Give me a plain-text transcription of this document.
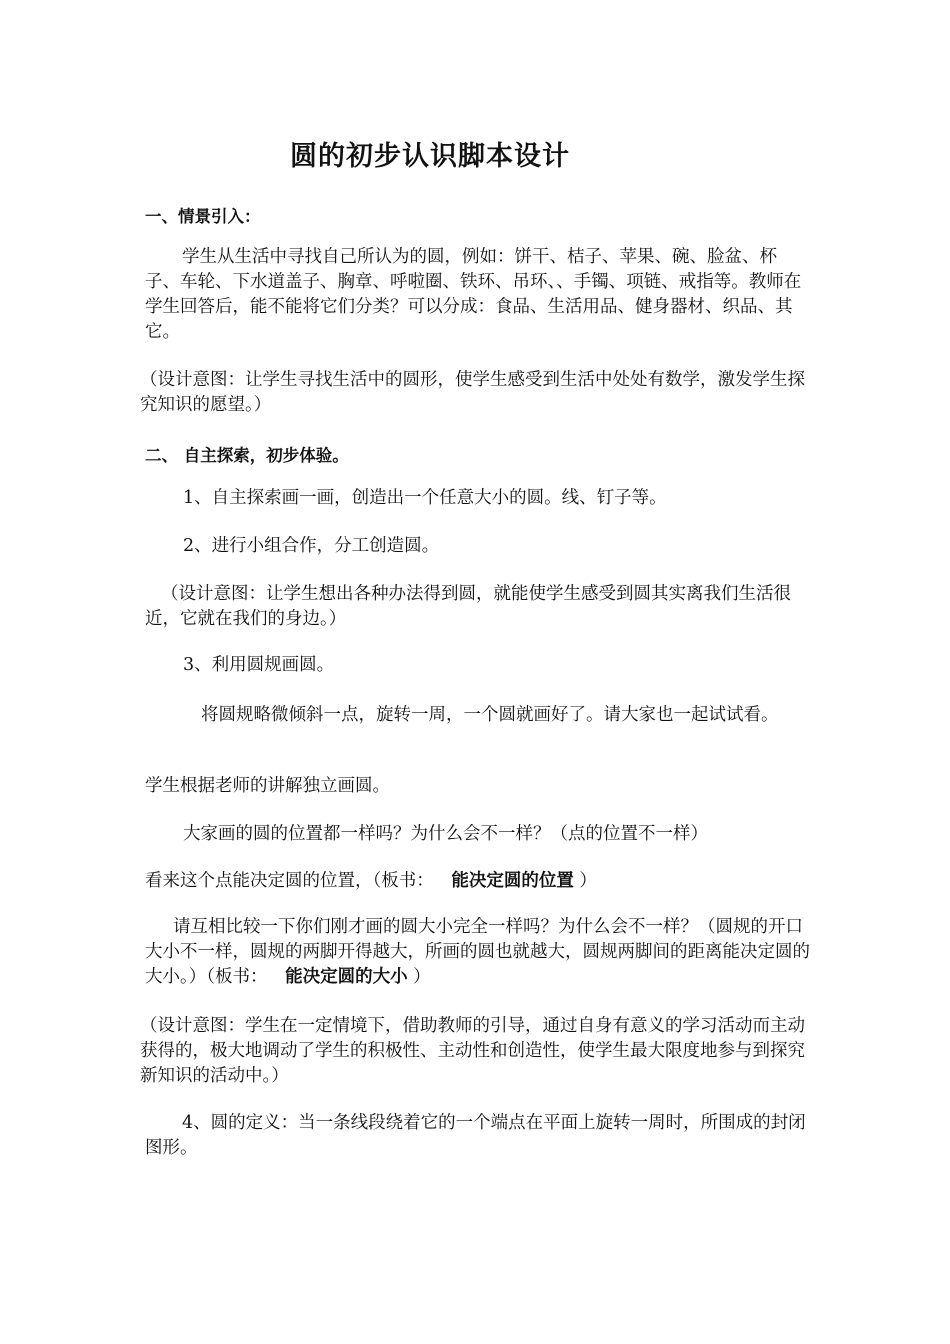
圆的初步认识脚本设计
一、情景引入：
学生从生活中寻找自己所认为的圆，例如：饼干、桔子、苹果、碗、脸盆、杯子、车轮、下水道盖子、胸章、呼啦圈、铁环、吊环、、手镯、项链、戒指等。教师在学生回答后，能不能将它们分类？可以分成：食品、生活用品、健身器材、织品、其它。
（设计意图：让学生寻找生活中的圆形，使学生感受到生活中处处有数学，激发学生探究知识的愿望。）
二、 自主探索，初步体验。
1、自主探索画一画，创造出一个任意大小的圆。线、钉子等。
2、进行小组合作，分工创造圆。
（设计意图：让学生想出各种办法得到圆，就能使学生感受到圆其实离我们生活很近，它就在我们的身边。）
3、利用圆规画圆。
将圆规略微倾斜一点，旋转一周，一个圆就画好了。请大家也一起试试看。
学生根据老师的讲解独立画圆。
大家画的圆的位置都一样吗？为什么会不一样？（点的位置不一样）
看来这个点能决定圆的位置，（板书： 能决定圆的位置 ）
请互相比较一下你们刚才画的圆大小完全一样吗？为什么会不一样？（圆规的开口大小不一样，圆规的两脚开得越大，所画的圆也就越大，圆规两脚间的距离能决定圆的大小。）（板书： 能决定圆的大小 ）
（设计意图：学生在一定情境下，借助教师的引导，通过自身有意义的学习活动而主动获得的，极大地调动了学生的积极性、主动性和创造性，使学生最大限度地参与到探究新知识的活动中。）
4、圆的定义：当一条线段绕着它的一个端点在平面上旋转一周时，所围成的封闭图形。
